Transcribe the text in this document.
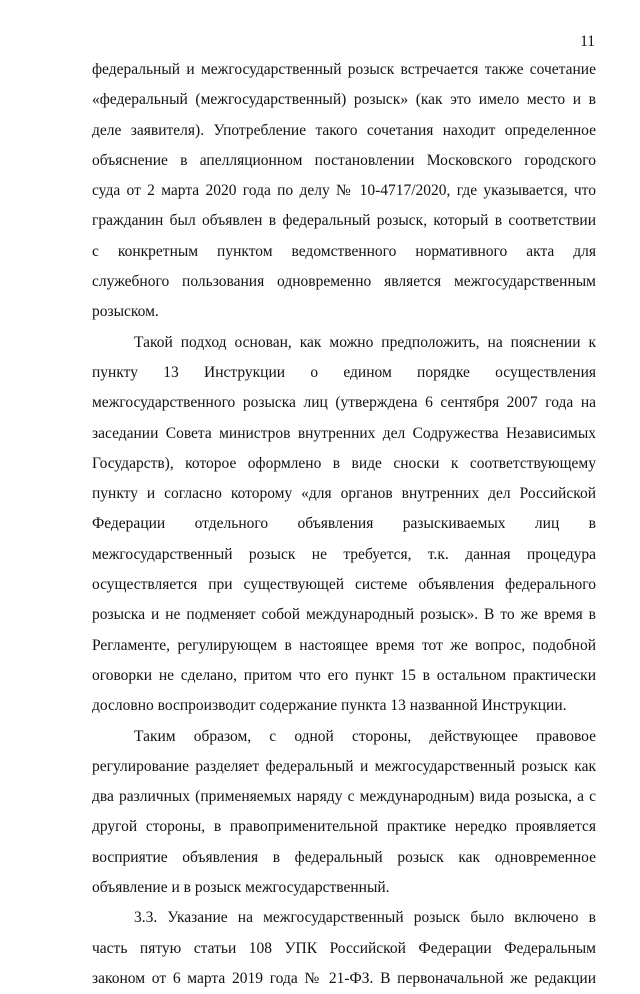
11
федеральный и межгосударственный розыск встречается также сочетание
«федеральный (межгосударственный) розыск» (как это имело место и в
деле заявителя). Употребление такого сочетания находит определенное
объяснение в апелляционном постановлении Московского городского
суда от 2 марта 2020 года по делу № 10-4717/2020, где указывается, что
гражданин был объявлен в федеральный розыск, который в соответствии
с конкретным пунктом ведомственного нормативного акта для
служебного пользования одновременно является межгосударственным
розыском.
Такой подход основан, как можно предположить, на пояснении к
пункту 13 Инструкции о едином порядке осуществления
межгосударственного розыска лиц (утверждена 6 сентября 2007 года на
заседании Совета министров внутренних дел Содружества Независимых
Государств), которое оформлено в виде сноски к соответствующему
пункту и согласно которому «для органов внутренних дел Российской
Федерации отдельного объявления разыскиваемых лиц в
межгосударственный розыск не требуется, т.к. данная процедура
осуществляется при существующей системе объявления федерального
розыска и не подменяет собой международный розыск». В то же время в
Регламенте, регулирующем в настоящее время тот же вопрос, подобной
оговорки не сделано, притом что его пункт 15 в остальном практически
дословно воспроизводит содержание пункта 13 названной Инструкции.
Таким образом, с одной стороны, действующее правовое
регулирование разделяет федеральный и межгосударственный розыск как
два различных (применяемых наряду с международным) вида розыска, а с
другой стороны, в правоприменительной практике нередко проявляется
восприятие объявления в федеральный розыск как одновременное
объявление и в розыск межгосударственный.
3.3. Указание на межгосударственный розыск было включено в
часть пятую статьи 108 УПК Российской Федерации Федеральным
законом от 6 марта 2019 года № 21-ФЗ. В первоначальной же редакции
